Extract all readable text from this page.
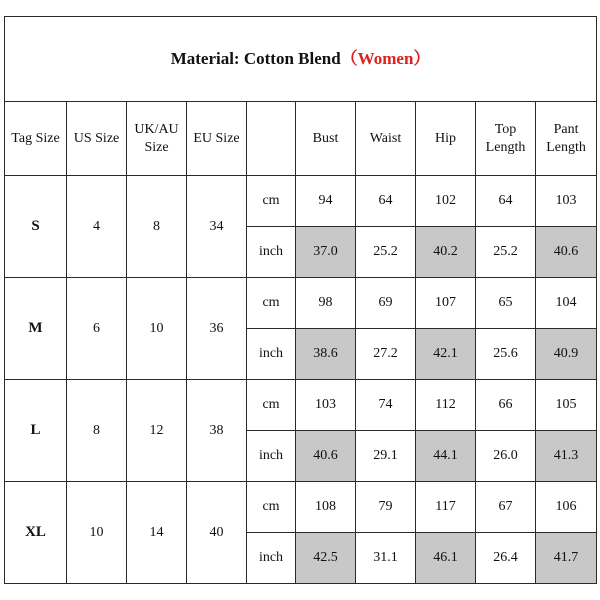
Material: Cotton Blend（Women）									
Tag Size	US Size	UK/AU Size	EU Size		Bust	Waist	Hip	Top Length	Pant Length
S	4	8	34	cm	94	64	102	64	103
				inch	37.0	25.2	40.2	25.2	40.6
M	6	10	36	cm	98	69	107	65	104
				inch	38.6	27.2	42.1	25.6	40.9
L	8	12	38	cm	103	74	112	66	105
				inch	40.6	29.1	44.1	26.0	41.3
XL	10	14	40	cm	108	79	117	67	106
				inch	42.5	31.1	46.1	26.4	41.7
